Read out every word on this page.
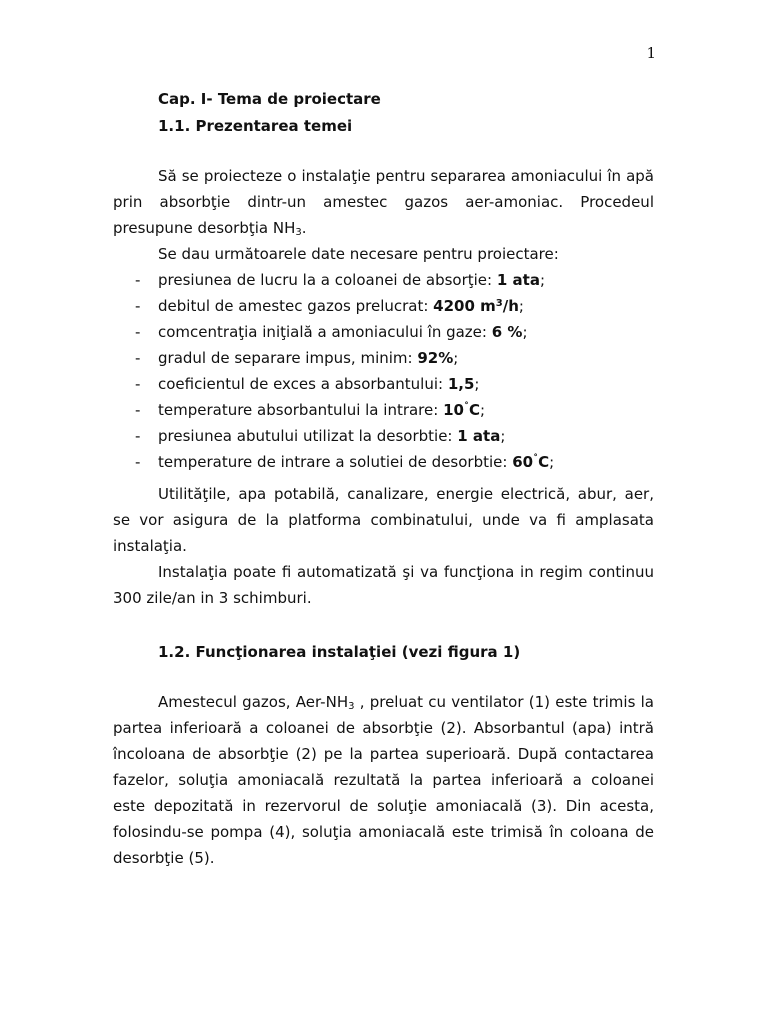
1
Cap. I- Tema de proiectare
1.1. Prezentarea temei
Să se proiecteze o instalaţie pentru separarea amoniacului în apă
prin absorbţie dintr-un amestec gazos aer-amoniac. Procedeul
presupune desorbţia $NH_3$.
Se dau următoarele date necesare pentru proiectare:
- presiunea de lucru la a coloanei de absorţie: 1 ata;
- debitul de amestec gazos prelucrat: 4200 $m^3/h$;
- comcentraţia iniţială a amoniacului în gaze: 6 %;
- gradul de separare impus, minim: 92%;
- coeficientul de exces a absorbantului: 1,5;
- temperature absorbantului la intrare: 10˚C;
- presiunea abutului utilizat la desorbtie: 1 ata;
- temperature de intrare a solutiei de desorbtie: 60˚C;
Utilităţile, apa potabilă, canalizare, energie electrică, abur, aer,
se vor asigura de la platforma combinatului, unde va fi amplasata
instalaţia.
Instalaţia poate fi automatizată şi va funcţiona in regim continuu
300 zile/an in 3 schimburi.
1.2. Funcţionarea instalaţiei (vezi figura 1)
Amestecul gazos, Aer-$NH_3$ , preluat cu ventilator (1) este trimis la
partea inferioară a coloanei de absorbţie (2). Absorbantul (apa) intră
încoloana de absorbţie (2) pe la partea superioară. După contactarea
fazelor, soluţia amoniacală rezultată la partea inferioară a coloanei
este depozitată in rezervorul de soluţie amoniacală (3). Din acesta,
folosindu-se pompa (4), soluţia amoniacală este trimisă în coloana de
desorbţie (5).
